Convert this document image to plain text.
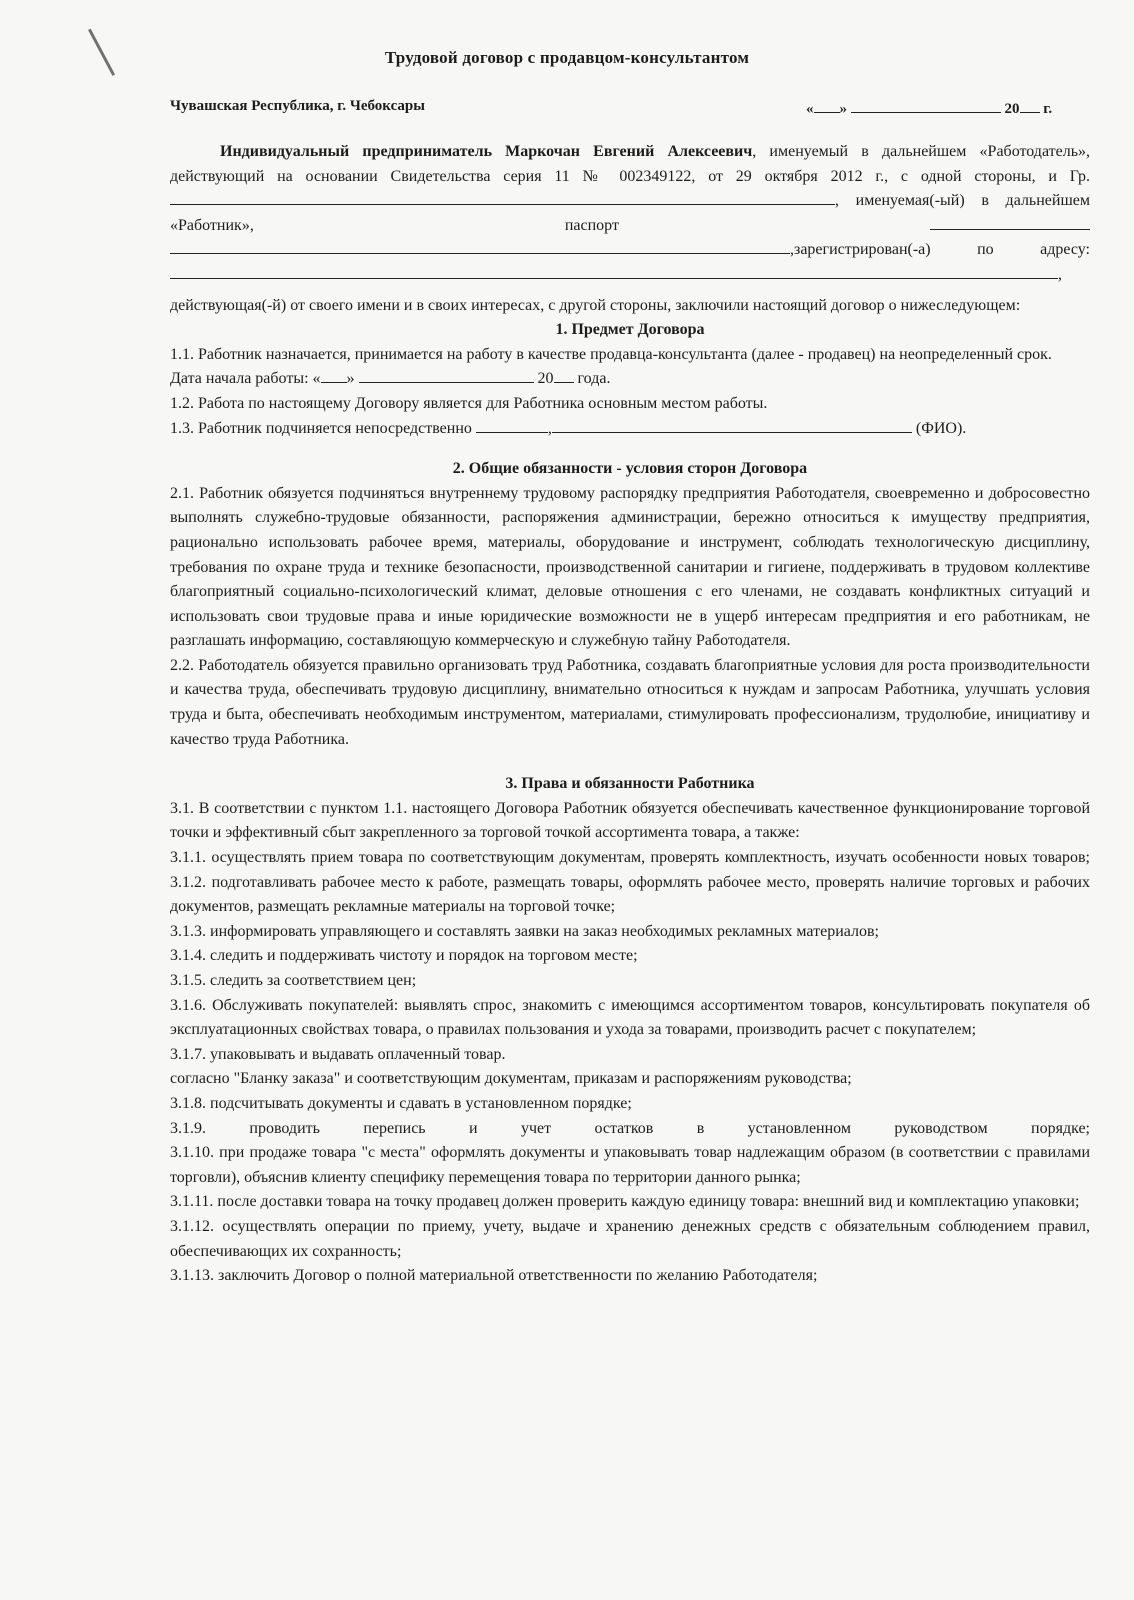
Трудовой договор с продавцом-консультантом
Чувашская Республика, г. Чебоксары	« »	20 г.

Индивидуальный предприниматель Маркочан Евгений Алексеевич, именуемый в дальнейшем «Работодатель», действующий на основании Свидетельства серия 11 № 002349122, от 29 октября 2012 г., с одной стороны, и Гр. , именуемая(-ый) в дальнейшем «Работник», паспорт ,зарегистрирован(-а) по адресу: ,

действующая(-й) от своего имени и в своих интересах, с другой стороны, заключили настоящий договор о нижеследующем:

1. Предмет Договора

1.1. Работник назначается, принимается на работу в качестве продавца-консультанта (далее - продавец) на неопределенный срок.

Дата начала работы: « »	20 года.

1.2. Работа по настоящему Договору является для Работника основным местом работы.

1.3. Работник подчиняется непосредственно	,	(ФИО).

2. Общие обязанности - условия сторон Договора

2.1. Работник обязуется подчиняться внутреннему трудовому распорядку предприятия Работодателя, своевременно и добросовестно выполнять служебно-трудовые обязанности, распоряжения администрации, бережно относиться к имуществу предприятия, рационально использовать рабочее время, материалы, оборудование и инструмент, соблюдать технологическую дисциплину, требования по охране труда и технике безопасности, производственной санитарии и гигиене, поддерживать в трудовом коллективе благоприятный социально-психологический климат, деловые отношения с его членами, не создавать конфликтных ситуаций и использовать свои трудовые права и иные юридические возможности не в ущерб интересам предприятия и его работникам, не разглашать информацию, составляющую коммерческую и служебную тайну Работодателя.

2.2. Работодатель обязуется правильно организовать труд Работника, создавать благоприятные условия для роста производительности и качества труда, обеспечивать трудовую дисциплину, внимательно относиться к нуждам и запросам Работника, улучшать условия труда и быта, обеспечивать необходимым инструментом, материалами, стимулировать профессионализм, трудолюбие, инициативу и качество труда Работника.

3. Права и обязанности Работника

3.1. В соответствии с пунктом 1.1. настоящего Договора Работник обязуется обеспечивать качественное функционирование торговой точки и эффективный сбыт закрепленного за торговой точкой ассортимента товара, а также:

3.1.1. осуществлять прием товара по соответствующим документам, проверять комплектность, изучать особенности новых товаров;

3.1.2. подготавливать рабочее место к работе, размещать товары, оформлять рабочее место, проверять наличие торговых и рабочих документов, размещать рекламные материалы на торговой точке;

3.1.3. информировать управляющего и составлять заявки на заказ необходимых рекламных материалов;

3.1.4. следить и поддерживать чистоту и порядок на торговом месте;

3.1.5. следить за соответствием цен;

3.1.6. Обслуживать покупателей: выявлять спрос, знакомить с имеющимся ассортиментом товаров, консультировать покупателя об эксплуатационных свойствах товара, о правилах пользования и ухода за товарами, производить расчет с покупателем;

3.1.7. упаковывать и выдавать оплаченный товар.

согласно "Бланку заказа" и соответствующим документам, приказам и распоряжениям руководства;

3.1.8. подсчитывать документы и сдавать в установленном порядке;

3.1.9. проводить перепись и учет остатков в установленном руководством порядке;

3.1.10. при продаже товара "с места" оформлять документы и упаковывать товар надлежащим образом (в соответствии с правилами торговли), объяснив клиенту специфику перемещения товара по территории данного рынка;

3.1.11. после доставки товара на точку продавец должен проверить каждую единицу товара: внешний вид и комплектацию упаковки;

3.1.12. осуществлять операции по приему, учету, выдаче и хранению денежных средств с обязательным соблюдением правил, обеспечивающих их сохранность;

3.1.13. заключить Договор о полной материальной ответственности по желанию Работодателя;
